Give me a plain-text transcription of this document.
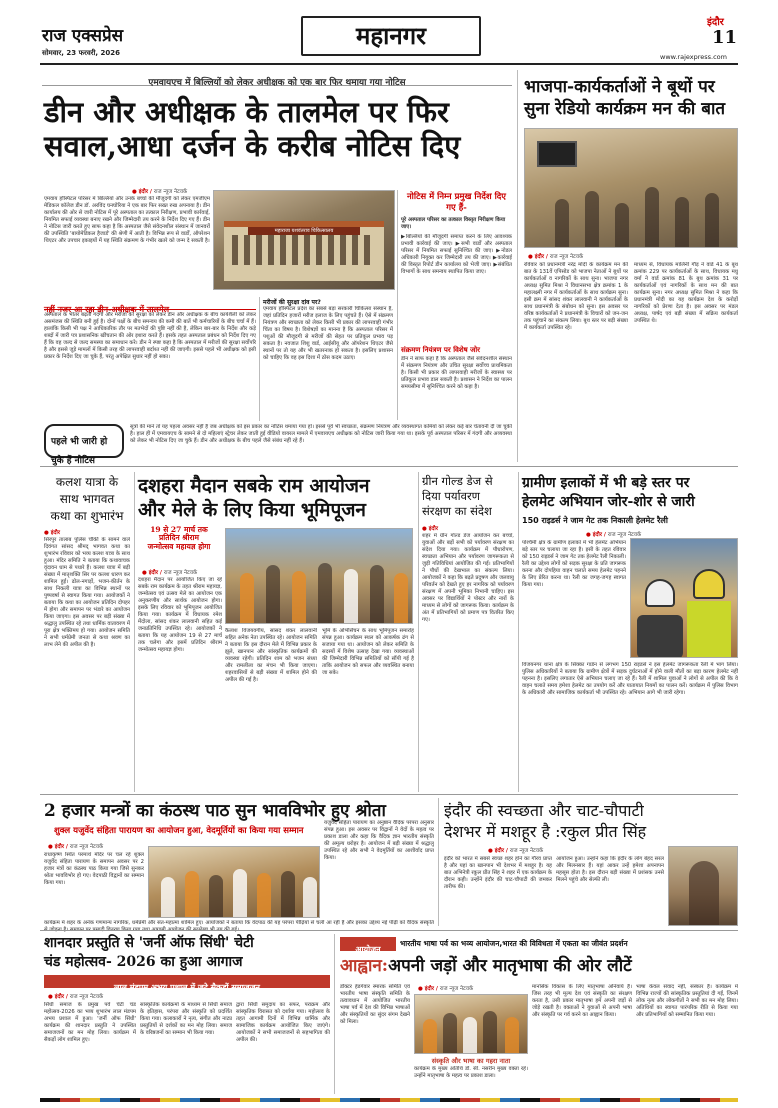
राज एक्सप्रेस
सोमवार, 23 फरवरी, 2026
महानगर	इंदौर
11
www.rajexpress.com
एमवायएच में बिल्लियों को लेकर अधीक्षक को एक बार फिर थमाया गया नोटिस
डीन और अधीक्षक के तालमेल पर फिर
सवाल,आधा दर्जन के करीब नोटिस दिए
● इंदौर / राज न्यूज नेटवर्क
एमवाय हॉस्पिटल परिसर में बिल्लियों और उनके बच्चों की मौजूदगी को लेकर एमजीएम मेडिकल कॉलेज डीन डॉ. अरविंद घनघोरिया ने एक बार फिर सख्त रुख अपनाया है। डीन कार्यालय की ओर से जारी नोटिस में पूरे अस्पताल का तत्काल निरीक्षण, प्रभावी कार्रवाई, नियमित सफाई व्यवस्था बनाए रखने और जिम्मेदारी तय करने के निर्देश दिए गए हैं। डीन ने नोटिस जारी करते हुए साफ कहा है कि अस्पताल जैसे संवेदनशील संस्थान में जानवरों की उपस्थिति 'बायोमेडिकल हैजार्ड' की श्रेणी में आती है। विभिन्न रूप से वार्डों, ऑपरेशन थिएटर और उपचार इकाइयों में यह स्थिति संक्रमण के गंभीर खतरे को जन्म दे सकती है।
महाराजा यशवंतराव चिकित्सालय
नहीं नजर आ रहा डीन-अधीक्षक में तालमेल
अस्पताल के भीतर बढ़ती गंदगी और मरीजों की सुरक्षा को लेकर डीन और अधीक्षक के बीच कार्यशैली को लेकर असमंजस की स्थिति बनी हुई है। दोनों पक्षों के बीच समन्वय की कमी की बातें भी कर्मचारियों के बीच चर्चा में हैं। हालांकि किसी भी पक्ष ने आधिकारिक तौर पर मतभेदों की पुष्टि नहीं की है, लेकिन बार-बार के निर्देश और कड़े शब्दों में जारी पत्र प्रशासनिक खींचतान की ओर इशारा करते हैं। इसके तहत अस्पताल प्रबंधन को निर्देश दिए गए हैं कि वह जल्द से जल्द समस्या का समाधान करे। डीन ने स्पष्ट कहा है कि अस्पताल में मरीजों की सुरक्षा सर्वोपरि है और इससे जुड़े मामलों में किसी तरह की लापरवाही बर्दाश्त नहीं की जाएगी। इससे पहले भी अधीक्षक को इसी प्रकार के निर्देश दिए जा चुके हैं, परंतु अपेक्षित सुधार नहीं हो सका।
मरीजों की सुरक्षा दांव पर?
एमवाय हॉस्पिटल प्रदेश का सबसे बड़ा सरकारी चिकित्सा संस्थान है, जहां प्रतिदिन हजारों मरीज इलाज के लिए पहुंचते हैं। ऐसे में संक्रमण नियंत्रण और स्वच्छता को लेकर किसी भी प्रकार की लापरवाही गंभीर चिंता का विषय है। विशेषज्ञों का मानना है कि अस्पताल परिसर में पशुओं की मौजूदगी से मरीजों की सेहत पर प्रतिकूल प्रभाव पड़ सकता है। नवजात शिशु वार्ड, आईसीयू और ऑपरेशन थिएटर जैसे स्थानों पर तो यह और भी खतरनाक हो सकता है। इसलिए प्रशासन को चाहिए कि वह इस दिशा में ठोस कदम उठाए।
नोटिस में निम्न प्रमुख निर्देश दिए गए हैं-
पूरे अस्पताल परिसर का तत्काल विस्तृत निरीक्षण किया जाए।
▶बिल्लियों की मौजूदगी समाप्त करने के लिए आवश्यक प्रभावी कार्रवाई की जाए। ▶सभी वार्डों और अस्पताल परिसर में नियमित सफाई सुनिश्चित की जाए। ▶नोडल अधिकारी नियुक्त कर जिम्मेदारी तय की जाए। ▶कार्रवाई की विस्तृत रिपोर्ट डीन कार्यालय को भेजी जाए। ▶संबंधित विभागों के साथ समन्वय स्थापित किया जाए।
संक्रमण नियंत्रण पर विशेष जोर
डीन ने साफ कहा है कि अस्पताल जैसे संवेदनशील संस्थान में संक्रमण नियंत्रण और उचित सुरक्षा सर्वोच्च प्राथमिकता है। किसी भी प्रकार की लापरवाही मरीजों के स्वास्थ्य पर प्रतिकूल प्रभाव डाल सकती है। प्रशासन ने निर्देश का पालन समयसीमा में सुनिश्चित करने को कहा है।
पहले भी जारी हो चुके हैं नोटिस
सूत्रों की मानें तो यह पहला अवसर नहीं है जब अधीक्षक को इस प्रकार का नोटिस थमाया गया हो। इससे पूर्व भी स्वच्छता, संक्रमण नियंत्रण और व्यवस्थागत कमियों को लेकर कई बार चेतावनी दी जा चुकी है। हाल ही में एमवायएच के सामने से दो महिलाएं स्ट्रेचर लेकर जाती हुई वीडियो वायरल मामले में एमवायएच अधीक्षक को नोटिस जारी किया गया था। इसके पूर्व अस्पताल परिसर में गंदगी और अव्यवस्था को लेकर भी नोटिस दिए जा चुके हैं। डीन और अधीक्षक के बीच पहले जैसे संबंध नहीं रहे हैं।
भाजपा-कार्यकर्ताओं ने बूथों पर
सुना रेडियो कार्यक्रम मन की बात
● इंदौर / राज न्यूज नेटवर्क
रविवार को प्रधानमंत्री नरेंद्र मोदी के कार्यक्रम मन की बात के 131वें एपिसोड को भाजपा नेताओं ने बूथों पर कार्यकर्ताओं व नागरिकों के साथ सुना। भाजपा नगर अध्यक्ष सुमित मिश्रा ने विधानसभा क्षेत्र क्रमांक 1 के महालक्ष्मी नगर में कार्यकर्ताओं के साथ कार्यक्रम सुना। इसी क्रम में सांसद शंकर लालवानी ने कार्यकर्ताओं के साथ प्रधानमंत्री के संबोधन को सुना। इस अवसर पर वरिष्ठ कार्यकर्ताओं ने प्रधानमंत्री के विचारों को जन-जन तक पहुंचाने का संकल्प लिया। बूथ स्तर पर बड़ी संख्या में कार्यकर्ता उपस्थित रहे।
माध्यम से, विधायक मालिनी गौड़ ने वार्ड 41 के बूथ क्रमांक 229 पर कार्यकर्ताओं के साथ, विधायक मधु वर्मा ने वार्ड क्रमांक 81 के बूथ क्रमांक 31 पर कार्यकर्ताओं एवं नागरिकों के साथ मन की बात कार्यक्रम सुना। नगर अध्यक्ष सुमित मिश्रा ने कहा कि प्रधानमंत्री मोदी का यह कार्यक्रम देश के करोड़ों नागरिकों को प्रेरणा देता है। इस अवसर पर मंडल अध्यक्ष, पार्षद एवं बड़ी संख्या में सक्रिय कार्यकर्ता उपस्थित थे।
कलश यात्रा के
साथ भागवत
कथा का शुभारंभ
● इंदौर
सिरपुर तालाब पुलिस चौकी के सामने वाले दिवंगत सांसद श्रीमद् भागवत कथा का शुभारंभ रविवार को भव्य कलश यात्रा के साथ हुआ। मंदिर समिति ने बताया कि कथावाचक वृंदावन धाम से पधारे हैं। कलश यात्रा में बड़ी संख्या में मातृशक्ति सिर पर कलश धारण कर शामिल हुईं। ढोल-नगाड़ों, भजन-कीर्तन के साथ निकली यात्रा का विभिन्न स्थानों पर पुष्पवर्षा से स्वागत किया गया। आयोजकों ने बताया कि कथा का आयोजन प्रतिदिन दोपहर में होगा और समापन पर भंडारे का आयोजन किया जाएगा। इस अवसर पर बड़ी संख्या में श्रद्धालु उपस्थित रहे तथा धार्मिक वातावरण में पूरा क्षेत्र भक्तिमय हो गया। आयोजन समिति ने सभी धर्मप्रेमी जनता से कथा श्रवण का लाभ लेने की अपील की है।
दशहरा मैदान सबके राम आयोजन
और मेले के लिए किया भूमिपूजन
19 से 27 मार्च तक
प्रतिदिन श्रीराम
जन्मोत्सव महायज्ञ होगा
● इंदौर / राज न्यूज नेटवर्क
दशहरा मैदान पर आयोजित किए जा रहे सबके राम कार्यक्रम के तहत श्रीराम महायज्ञ, जन्मोत्सव एवं उत्सव मेले का आयोजन एक अनुकरणीय और सार्थक आयोजन होगा। इसके लिए रविवार को भूमिपूजन आयोजित किया गया। कार्यक्रम में विधायक रमेश मेंदोला, सांसद शंकर लालवानी सहित कई जनप्रतिनिधि उपस्थित रहे। आयोजकों ने बताया कि यह आयोजन 19 से 27 मार्च तक चलेगा और इसमें प्रतिदिन श्रीराम जन्मोत्सव महायज्ञ होगा।
कैलाश विजयवर्गीय, सांसद शंकर लालवानी सहित अनेक नेता उपस्थित रहे। आयोजन समिति ने बताया कि इस दौरान मेले में विभिन्न प्रकार के झूले, खानपान और सांस्कृतिक कार्यक्रमों की व्यवस्था रहेगी। प्रतिदिन शाम को भजन संध्या और रामलीला का मंचन भी किया जाएगा। शहरवासियों से बड़ी संख्या में शामिल होने की अपील की गई है।
भूमि के अभिसिंचन के साथ भूमिपूजन समारोह संपन्न हुआ। कार्यक्रम स्थल को आकर्षक ढंग से सजाया गया था। आयोजन को लेकर समिति के सदस्यों में विशेष उत्साह देखा गया। व्यवस्थाओं की जिम्मेदारी विभिन्न समितियों को सौंपी गई है ताकि आयोजन को सफल और व्यवस्थित बनाया जा सके।
ग्रीन गोल्ड डेज से
दिया पर्यावरण
संरक्षण का संदेश
● इंदौर
शहर में ग्रीन गोल्ड डेज आयोजन कर बच्चों, युवाओं और बड़ों सभी को पर्यावरण संरक्षण का संदेश दिया गया। कार्यक्रम में पौधारोपण, स्वच्छता अभियान और पर्यावरण जागरूकता से जुड़ी गतिविधियां आयोजित की गईं। प्रतिभागियों ने पौधों की देखभाल का संकल्प लिया। आयोजकों ने कहा कि बढ़ते प्रदूषण और जलवायु परिवर्तन को देखते हुए हर नागरिक को पर्यावरण संरक्षण में अपनी भूमिका निभानी चाहिए। इस अवसर पर विद्यार्थियों ने पोस्टर और नारों के माध्यम से लोगों को जागरूक किया। कार्यक्रम के अंत में प्रतिभागियों को प्रमाण पत्र वितरित किए गए।
ग्रामीण इलाकों में भी बड़े स्तर पर
हेलमेट अभियान जोर-शोर से जारी
150 राइडर्स ने जाम गेट तक निकाली हेलमेट रैली
● इंदौर / राज न्यूज नेटवर्क
पश्चिमी क्षेत्र के ग्रामीण इलाकों में भी हेलमेट अभियान बड़े स्तर पर चलाया जा रहा है। इसी के तहत रविवार को 150 राइडर्स ने जाम गेट तक हेलमेट रैली निकाली। रैली का उद्देश्य लोगों को सड़क सुरक्षा के प्रति जागरूक करना और दोपहिया वाहन चलाते समय हेलमेट पहनने के लिए प्रेरित करना था। रैली का जगह-जगह स्वागत किया गया।
विजयनगर थाना क्षेत्र के सिक्का गार्डन से लगभग 150 राइडर्स ने इस हेलमेट जागरूकता रैली में भाग लिया। पुलिस अधिकारियों ने बताया कि ग्रामीण क्षेत्रों में सड़क दुर्घटनाओं में होने वाली मौतों का बड़ा कारण हेलमेट नहीं पहनना है। इसलिए लगातार ऐसे अभियान चलाए जा रहे हैं। रैली में शामिल युवाओं ने लोगों से अपील की कि वे वाहन चलाते समय हमेशा हेलमेट का उपयोग करें और यातायात नियमों का पालन करें। कार्यक्रम में पुलिस विभाग के अधिकारी और सामाजिक कार्यकर्ता भी उपस्थित रहे। अभियान आगे भी जारी रहेगा।
2 हजार मन्त्रों का कंठस्थ पाठ सुन भावविभोर हुए श्रोता
शुक्ल यजुर्वेद संहिता पारायण का आयोजन हुआ, वेदमूर्तियों का किया गया सम्मान
● इंदौर / राज न्यूज नेटवर्क
राधाकृष्ण स्थित परमार्थ मंदिर पर चल रहे शुक्ल यजुर्वेद संहिता पारायण के समापन अवसर पर 2 हजार मंत्रों का कंठस्थ पाठ किया गया जिसे सुनकर श्रोता भावविभोर हो गए। वेदपाठी विद्वानों का सम्मान किया गया।
यजुर्वेद संहिता पारायण का अनुष्ठान वैदिक परंपरा अनुसार संपन्न हुआ। इस अवसर पर विद्वानों ने वेदों के महत्व पर प्रकाश डाला और कहा कि वैदिक ज्ञान भारतीय संस्कृति की अमूल्य धरोहर है। आयोजन में बड़ी संख्या में श्रद्धालु उपस्थित रहे और सभी ने वेदमूर्तियों का आशीर्वाद प्राप्त किया।
कार्यक्रम में शहर के अनेक गणमान्य नागरिक, धर्मप्रेमी और संत-महात्मा शामिल हुए। आयोजकों ने बताया कि वेदपाठ की यह परंपरा पीढ़ियों से चली आ रही है और इसका उद्देश्य नई पीढ़ी को वैदिक संस्कृति
इंदौर की स्वच्छता और चाट-चौपाटी
देशभर में मशहूर है :रकुल प्रीत सिंह
● इंदौर / राज न्यूज नेटवर्क
इंदौर को भारत में सबसे स्वच्छ शहर होने का गौरव प्राप्त है और यहां का खानपान भी देशभर में मशहूर है। यह बात अभिनेत्री रकुल प्रीत सिंह ने शहर में एक कार्यक्रम के दौरान कही। उन्होंने इंदौर की चाट-चौपाटी की जमकर तारीफ की।
आयोजन हुआ। उन्होंने कहा कि इंदौर के लोग बेहद सरल और मिलनसार हैं। यहां आकर उन्हें हमेशा अपनापन महसूस होता है। इस दौरान बड़ी संख्या में प्रशंसक उनसे मिलने पहुंचे और सेल्फी ली।
शानदार प्रस्तुति से 'जर्नी ऑफ सिंधी' चेटी
चंड महोत्सव- 2026 का हुआ आगाज
लाल मंडपम अभय प्रशाल में जुटे सैकड़ों समाजजन
● इंदौर / राज न्यूज नेटवर्क
सिंधी समाज के प्रमुख पर्व चेटी चंड महोत्सव-2026 का भव्य शुभारंभ लाल मंडपम अभय प्रशाल में हुआ। 'जर्नी ऑफ सिंधी' कार्यक्रम की शानदार प्रस्तुति ने उपस्थित समाजजनों का मन मोह लिया। कार्यक्रम में सैकड़ों लोग शामिल हुए।
सांस्कृतिक कार्यक्रमों के माध्यम से सिंधी समाज के इतिहास, परंपरा और संस्कृति को प्रदर्शित किया गया। कलाकारों ने नृत्य, संगीत और नाट्य प्रस्तुतियों से दर्शकों का मन मोह लिया। समाज के वरिष्ठजनों का सम्मान भी किया गया।
द्वारा सिंधी समुदाय का सफर, पराक्रम और सांस्कृतिक विरासत को दर्शाया गया। महोत्सव के तहत आगामी दिनों में विभिन्न धार्मिक और सामाजिक कार्यक्रम आयोजित किए जाएंगे। आयोजकों ने सभी समाजजनों से सहभागिता की अपील की।
आयोजन
भारतीय भाषा पर्व का भव्य आयोजन,भारत की विविधता में एकता का जीवंत प्रदर्शन
आह्वान:अपनी जड़ों और मातृभाषा की ओर लौटें
● इंदौर / राज न्यूज नेटवर्क
संस्कृति और भाषा का गहरा नाता
डॉक्टर हेडगेवार स्मारक समिति एवं भारतीय भाषा संस्कृति समिति के तत्वावधान में आयोजित भारतीय भाषा पर्व में देश की विभिन्न भाषाओं और संस्कृतियों का सुंदर संगम देखने को मिला।
कार्यक्रम के मुख्य अतिथि डॉ. सी. नसरीन मुख्य वक्ता रहे। उन्होंने मातृभाषा के महत्व पर प्रकाश डाला।
मानसिक विकास के लिए मातृभाषा अनिवार्य है। जिस तरह भी मूल्य देश एवं संस्कृति का संरक्षण करता है, उसी प्रकार मातृभाषा हमें अपनी जड़ों से जोड़े रखती है। वक्ताओं ने युवाओं से अपनी भाषा और संस्कृति पर गर्व करने का आह्वान किया।
भाषा केवल संवाद नहीं, संस्कार है। कार्यक्रम में विभिन्न राज्यों की सांस्कृतिक प्रस्तुतियां दी गईं, जिनमें लोक नृत्य और लोकगीतों ने सभी का मन मोह लिया। अतिथियों का स्वागत पारंपरिक रीति से किया गया और प्रतिभागियों को सम्मानित किया गया।
